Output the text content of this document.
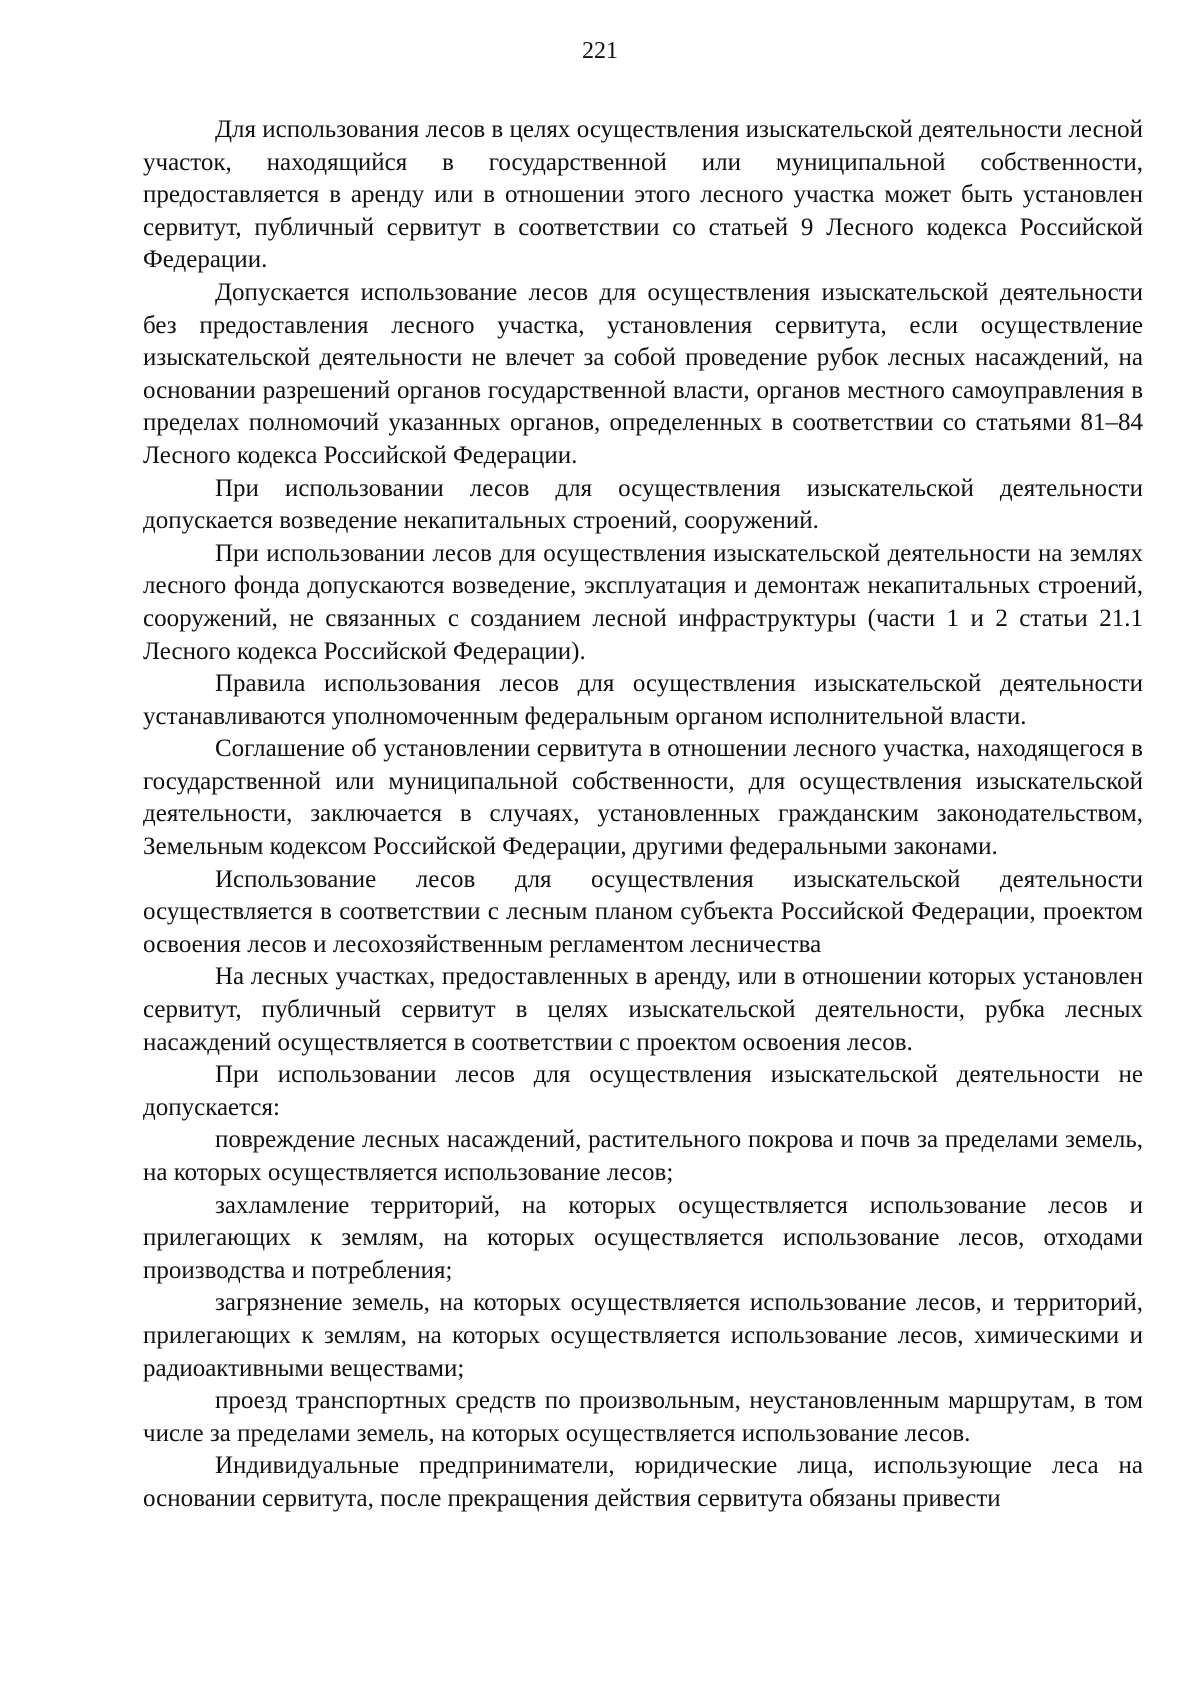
221

Для использования лесов в целях осуществления изыскательской деятельности лесной участок, находящийся в государственной или муниципальной собственности, предоставляется в аренду или в отношении этого лесного участка может быть установлен сервитут, публичный сервитут в соответствии со статьей 9 Лесного кодекса Российской Федерации.

Допускается использование лесов для осуществления изыскательской деятельности без предоставления лесного участка, установления сервитута, если осуществление изыскательской деятельности не влечет за собой проведение рубок лесных насаждений, на основании разрешений органов государственной власти, органов местного самоуправления в пределах полномочий указанных органов, определенных в соответствии со статьями 81–84 Лесного кодекса Российской Федерации.

При использовании лесов для осуществления изыскательской деятельности допускается возведение некапитальных строений, сооружений.

При использовании лесов для осуществления изыскательской деятельности на землях лесного фонда допускаются возведение, эксплуатация и демонтаж некапитальных строений, сооружений, не связанных с созданием лесной инфраструктуры (части 1 и 2 статьи 21.1 Лесного кодекса Российской Федерации).

Правила использования лесов для осуществления изыскательской деятельности устанавливаются уполномоченным федеральным органом исполнительной власти.

Соглашение об установлении сервитута в отношении лесного участка, находящегося в государственной или муниципальной собственности, для осуществления изыскательской деятельности, заключается в случаях, установленных гражданским законодательством, Земельным кодексом Российской Федерации, другими федеральными законами.

Использование лесов для осуществления изыскательской деятельности осуществляется в соответствии с лесным планом субъекта Российской Федерации, проектом освоения лесов и лесохозяйственным регламентом лесничества

На лесных участках, предоставленных в аренду, или в отношении которых установлен сервитут, публичный сервитут в целях изыскательской деятельности, рубка лесных насаждений осуществляется в соответствии с проектом освоения лесов.

При использовании лесов для осуществления изыскательской деятельности не допускается:

повреждение лесных насаждений, растительного покрова и почв за пределами земель, на которых осуществляется использование лесов;

захламление территорий, на которых осуществляется использование лесов и прилегающих к землям, на которых осуществляется использование лесов, отходами производства и потребления;

загрязнение земель, на которых осуществляется использование лесов, и территорий, прилегающих к землям, на которых осуществляется использование лесов, химическими и радиоактивными веществами;

проезд транспортных средств по произвольным, неустановленным маршрутам, в том числе за пределами земель, на которых осуществляется использование лесов.

Индивидуальные предприниматели, юридические лица, использующие леса на основании сервитута, после прекращения действия сервитута обязаны привести
